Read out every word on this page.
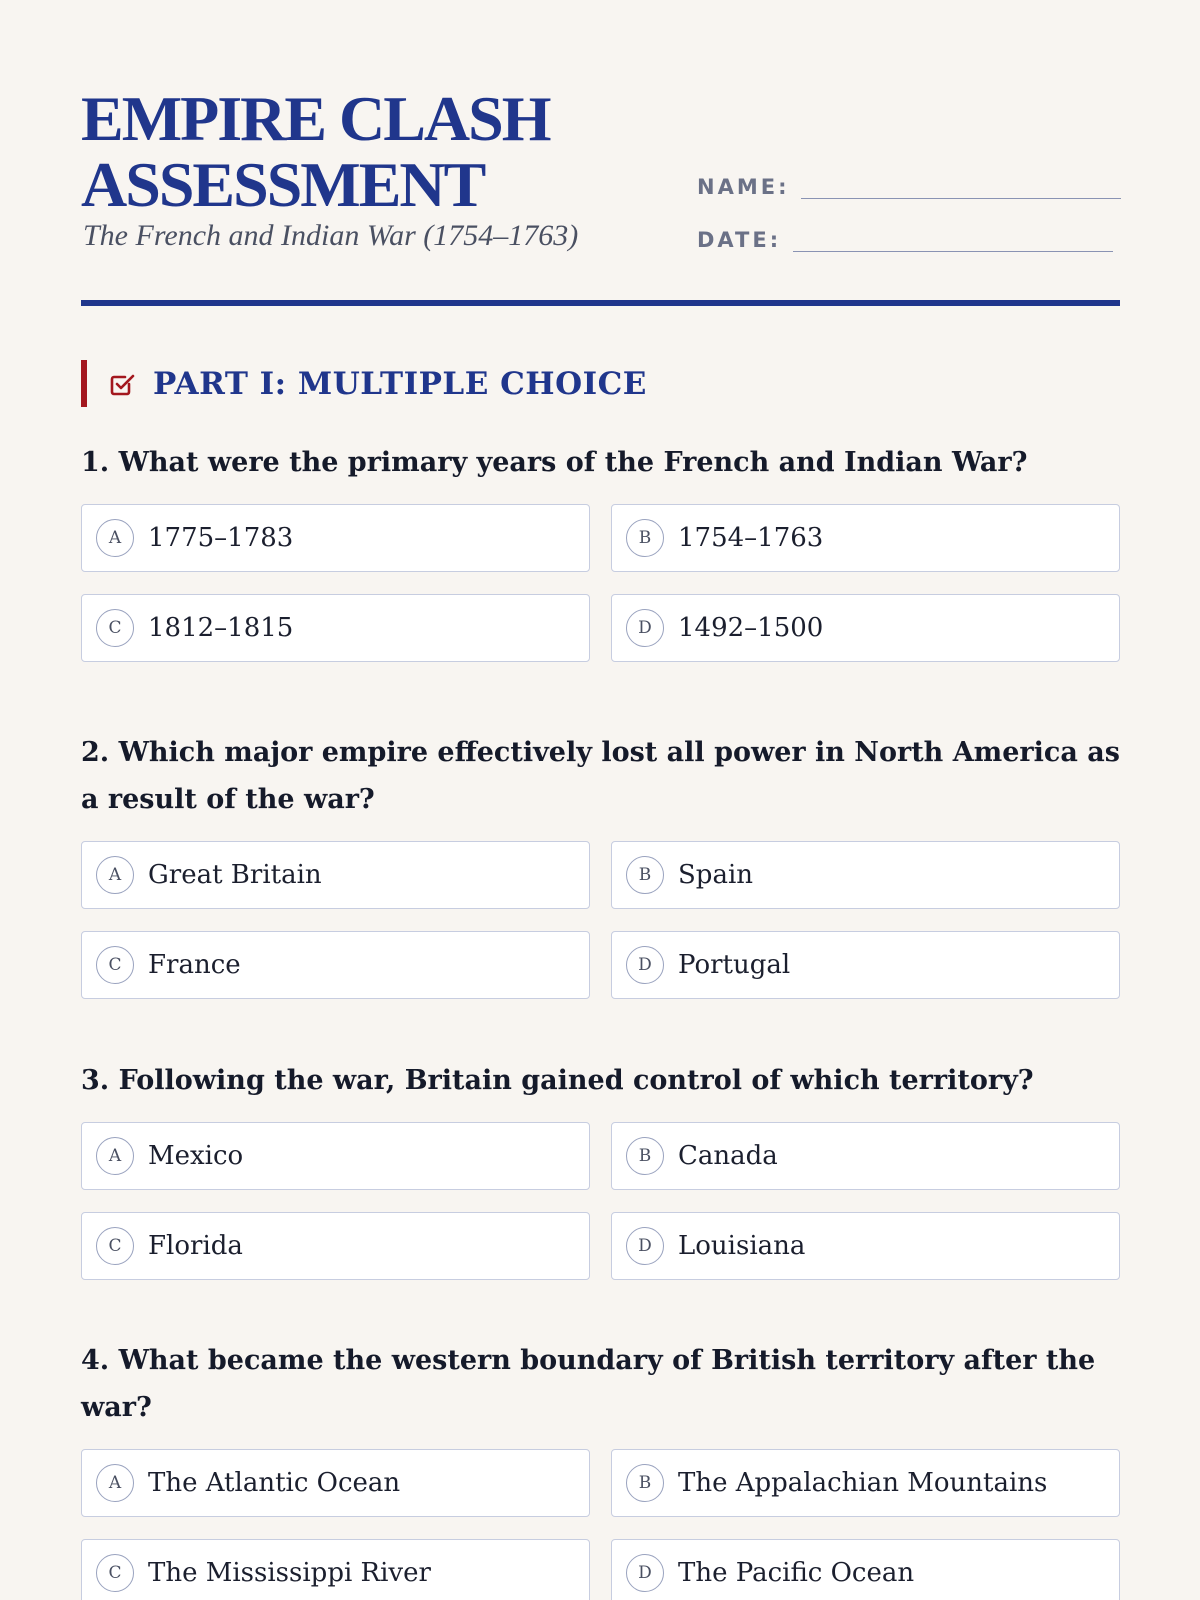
EMPIRE CLASH
ASSESSMENT
The French and Indian War (1754–1763)
NAME:
DATE:
PART I: MULTIPLE CHOICE
1. What were the primary years of the French and Indian War?
A	1775–1783	B	1754–1763
C	1812–1815	D	1492–1500
2. Which major empire effectively lost all power in North America as a result of the war?
A	Great Britain	B	Spain
C	France	D	Portugal
3. Following the war, Britain gained control of which territory?
A	Mexico	B	Canada
C	Florida	D	Louisiana
4. What became the western boundary of British territory after the war?
A	The Atlantic Ocean	B	The Appalachian Mountains
C	The Mississippi River	D	The Pacific Ocean
